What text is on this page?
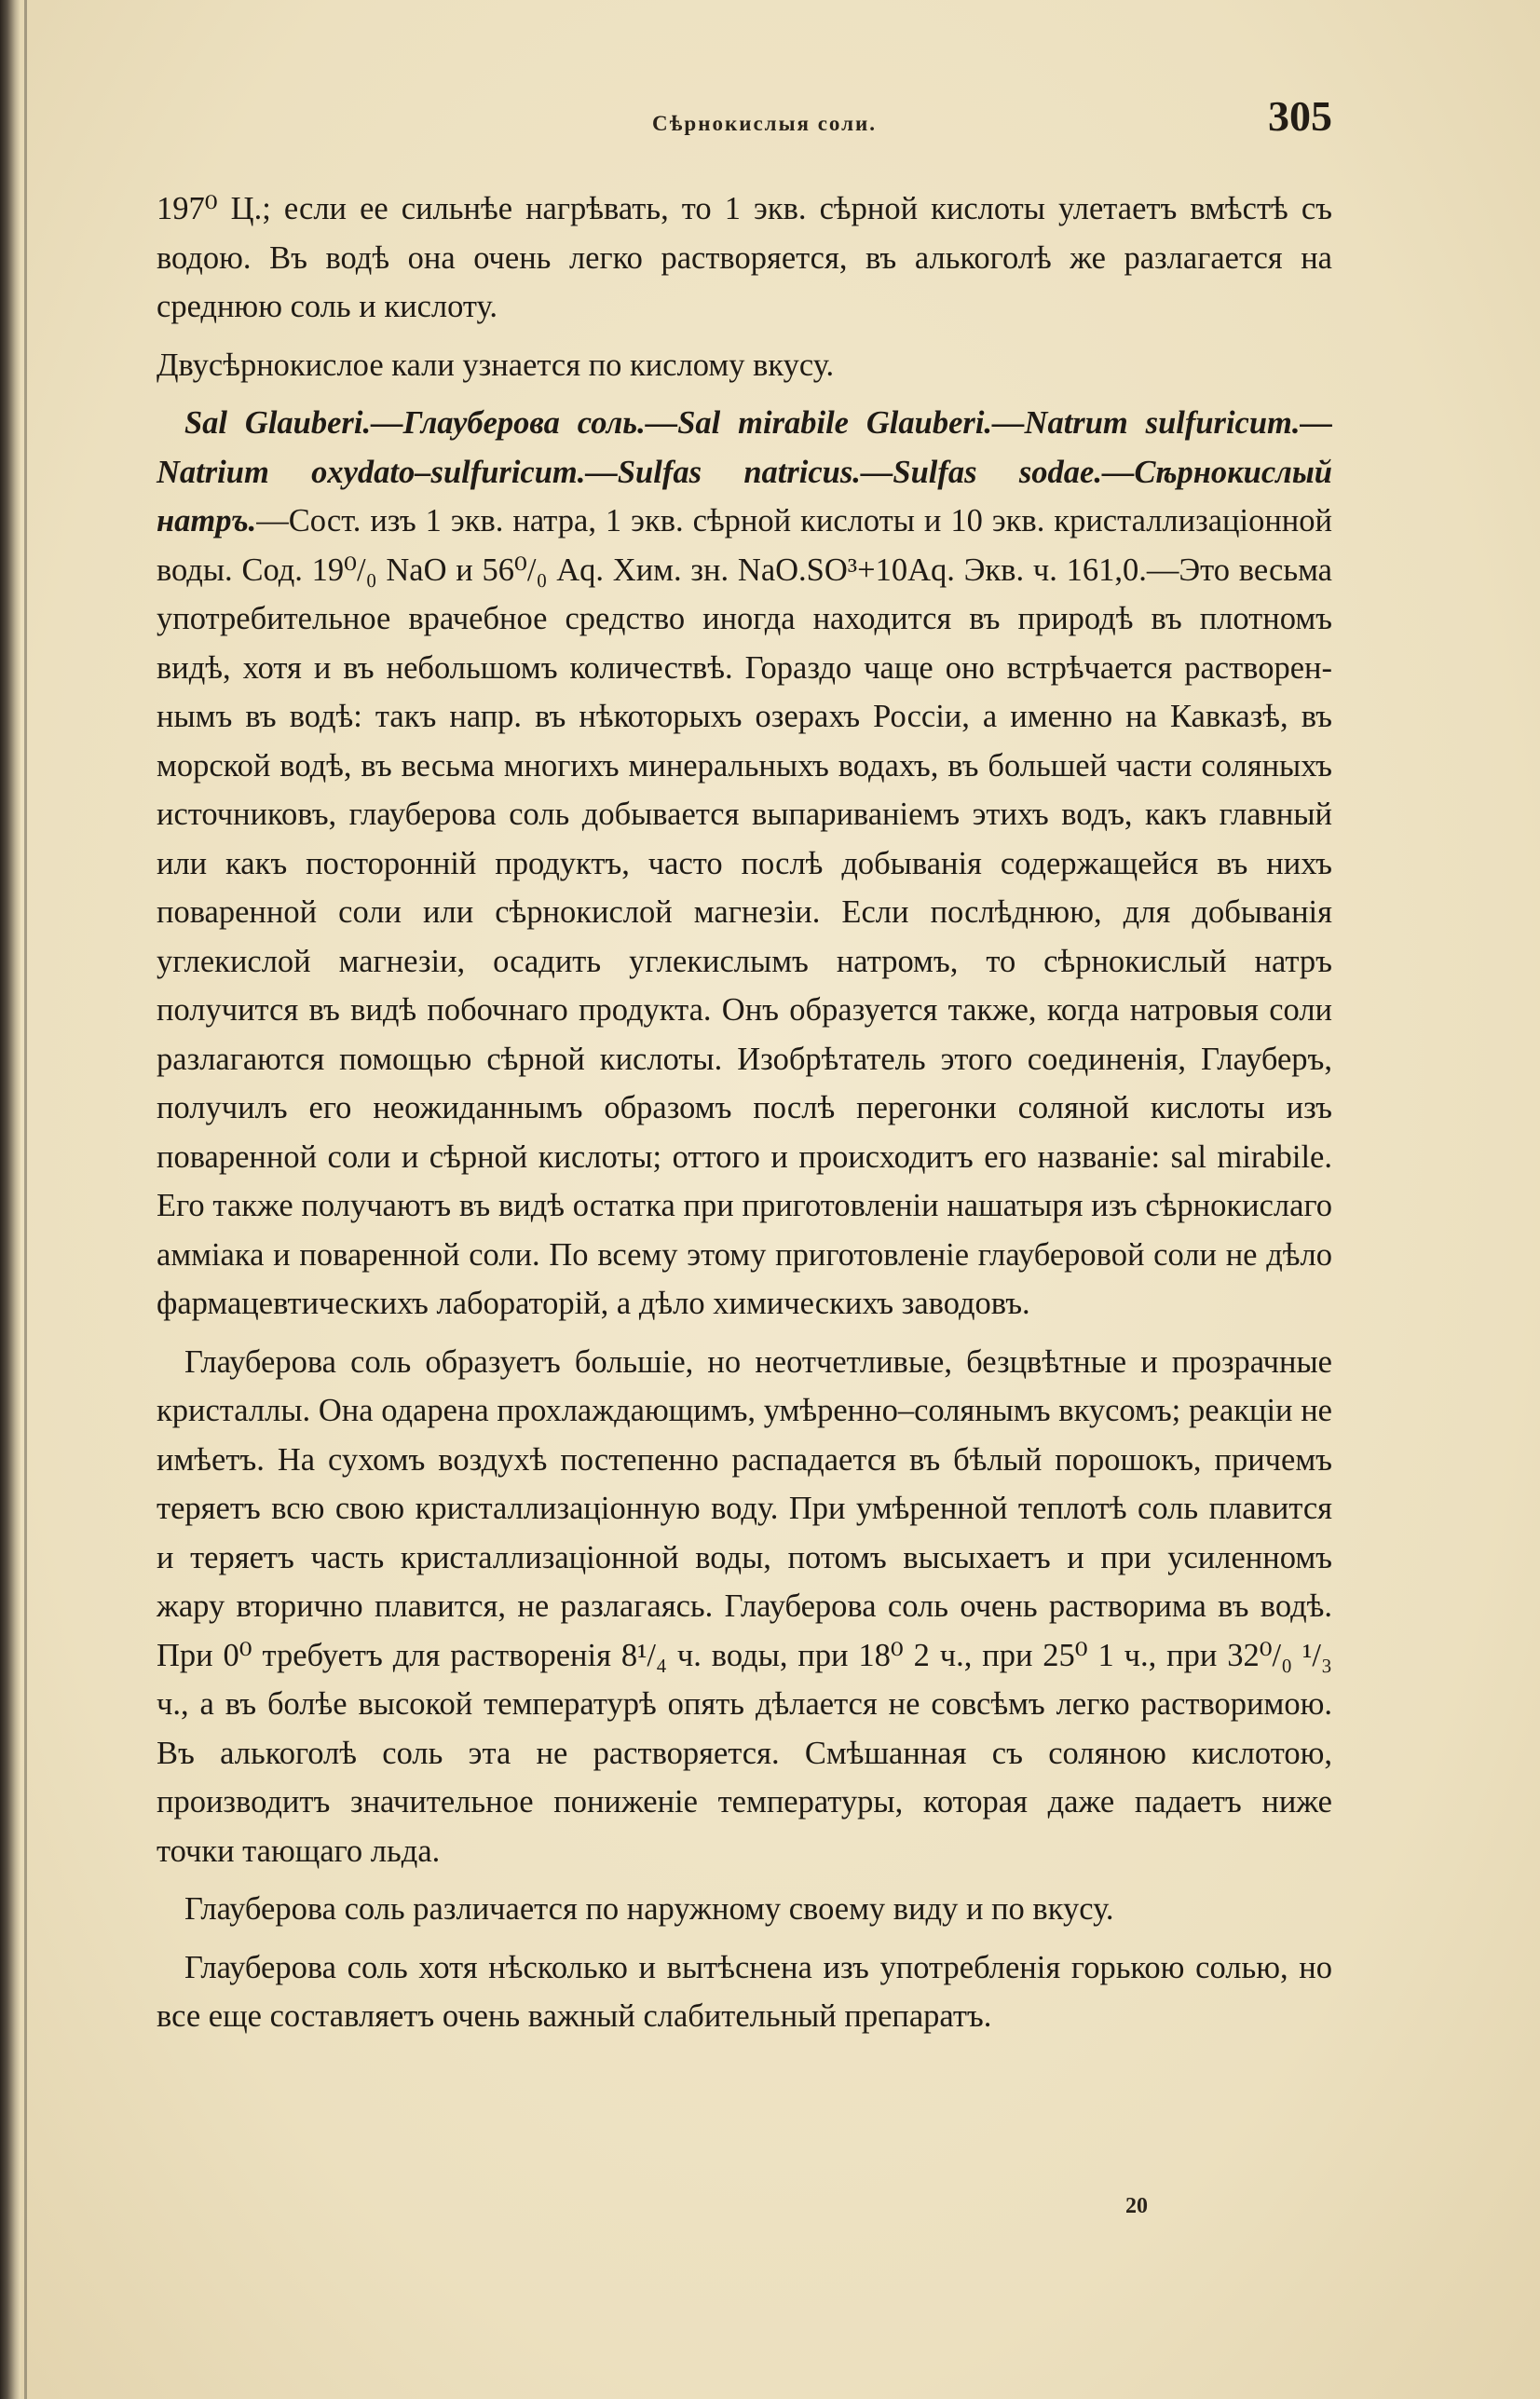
Сѣрнокислыя соли.	305

197⁰ Ц.; если ее сильнѣе нагрѣвать, то 1 экв. сѣрной кислоты улетаетъ вмѣстѣ съ водою. Въ водѣ она очень легко растворяется, въ алькоголѣ же разлагается на среднюю соль и кислоту.

Двусѣрнокислое кали узнается по кислому вкусу.

Sal Glauberi.—Глауберова соль.—Sal mirabile Glauberi.—Natrum sulfuricum.—Natrium oxydato–sulfuricum.—Sulfas natricus.—Sulfas sodae.—Сѣрнокислый натръ.—Сост. изъ 1 экв. натра, 1 экв. сѣрной кислоты и 10 экв. кристаллизаціонной воды. Сод. 19⁰/₀ NaO и 56⁰/₀ Aq. Хим. зн. NaO.SO³+10Aq. Экв. ч. 161,0.—Это весьма употребительное врачебное средство иногда находится въ природѣ въ плотномъ видѣ, хотя и въ небольшомъ количествѣ. Гораздо чаще оно встрѣчается растворен-нымъ въ водѣ: такъ напр. въ нѣкоторыхъ озерахъ Россіи, а именно на Кавказѣ, въ морской водѣ, въ весьма многихъ минеральныхъ водахъ, въ большей части соляныхъ источниковъ, глауберова соль добывается выпариваніемъ этихъ водъ, какъ главный или какъ посторонній продуктъ, часто послѣ добыванія содержащейся въ нихъ поваренной соли или сѣрнокислой магнезіи. Если послѣднюю, для добыванія углекислой магнезіи, осадить углекислымъ натромъ, то сѣрнокислый натръ получится въ видѣ побочнаго продукта. Онъ образуется также, когда натровыя соли разлагаются помощью сѣрной кислоты. Изобрѣтатель этого соединенія, Глауберъ, получилъ его неожиданнымъ образомъ послѣ перегонки соляной кислоты изъ поваренной соли и сѣрной кислоты; оттого и происходитъ его названіе: sal mirabile. Его также получаютъ въ видѣ остатка при приготовленіи нашатыря изъ сѣрнокислаго амміака и поваренной соли. По всему этому приготовленіе глауберовой соли не дѣло фармацевтическихъ лабораторій, а дѣло химическихъ заводовъ.

Глауберова соль образуетъ большіе, но неотчетливые, безцвѣтные и прозрачные кристаллы. Она одарена прохлаждающимъ, умѣренно–солянымъ вкусомъ; реакціи не имѣетъ. На сухомъ воздухѣ постепенно распадается въ бѣлый порошокъ, причемъ теряетъ всю свою кристаллизаціонную воду. При умѣренной теплотѣ соль плавится и теряетъ часть кристаллизаціонной воды, потомъ высыхаетъ и при усиленномъ жару вторично плавится, не разлагаясь. Глауберова соль очень растворима въ водѣ. При 0⁰ требуетъ для растворенія 8¹/₄ ч. воды, при 18⁰ 2 ч., при 25⁰ 1 ч., при 32⁰/₀ ¹/₃ ч., а въ болѣе высокой температурѣ опять дѣлается не совсѣмъ легко растворимою. Въ алькоголѣ соль эта не растворяется. Смѣшанная съ соляною кислотою, производитъ значительное пониженіе температуры, которая даже падаетъ ниже точки тающаго льда.

Глауберова соль различается по наружному своему виду и по вкусу.

Глауберова соль хотя нѣсколько и вытѣснена изъ употребленія горькою солью, но все еще составляетъ очень важный слабительный препаратъ.

20
